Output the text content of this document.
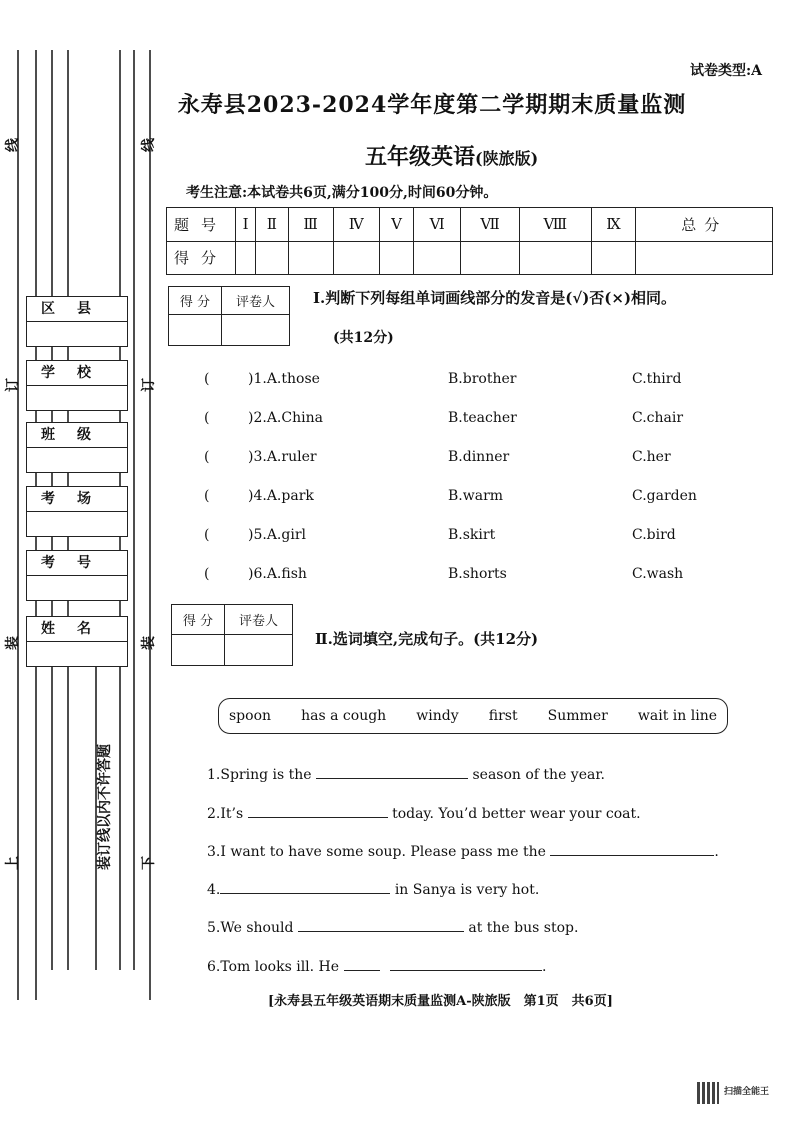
线
订
装
上
线
订
装
下
装订线以内不许答题
区县
学校
班级
考场
考号
姓名
试卷类型:A
永寿县2023-2024学年度第二学期期末质量监测
五年级英语(陕旅版)
考生注意:本试卷共6页,满分100分,时间60分钟。
题号	Ⅰ	Ⅱ	Ⅲ	Ⅳ	Ⅴ	Ⅵ	Ⅶ	Ⅷ	Ⅸ	总分
得分										
得 分	评卷人
		Ⅰ.判断下列每组单词画线部分的发音是(√)否(×)相同。
(共12分)
(	)1.A.those	B.brother	C.third
(	)2.A.China	B.teacher	C.chair
(	)3.A.ruler	B.dinner	C.her
(	)4.A.park	B.warm	C.garden
(	)5.A.girl	B.skirt	C.bird
(	)6.A.fish	B.shorts	C.wash
得 分	评卷人

Ⅱ.选词填空,完成句子。(共12分)
spoon has a cough windy first Summer wait in line
1.Spring is the	season of the year.
2.It’s	today. You’d better wear your coat.
3.I want to have some soup. Please pass me the	.
4.	in Sanya is very hot.
5.We should	at the bus stop.
6.Tom looks ill. He	.
[永寿县五年级英语期末质量监测A-陕旅版　第1页　共6页]
扫描全能王
